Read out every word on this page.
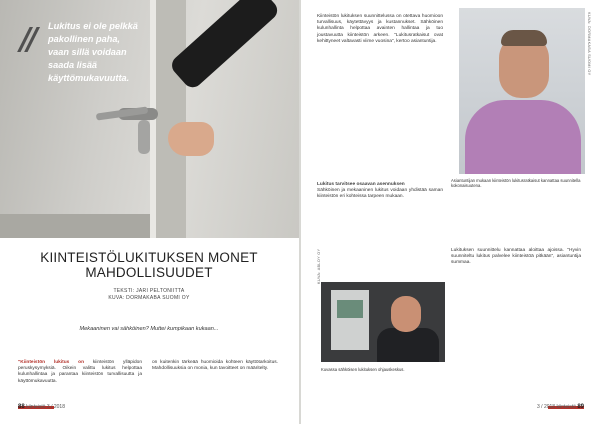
// Lukitus ei ole pelkkä pakollinen paha, vaan sillä voidaan saada lisää käyttömukavuutta.
KIINTEISTÖLUKITUKSEN MONET MAHDOLLISUUDET
TEKSTI: JARI PELTONIITTA
KUVA: DORMAKABA SUOMI OY
Mekaaninen vai sähköinen? Muttei kumpikaan kukaan...
"Kiinteistön lukitus on kiinteistön ylläpidon peruskysymyksiä. Oikein valittu lukitus helpottaa kulunhallintaa ja parantaa kiinteistön turvallisuutta ja käyttömukavuutta.
on kuitenkin tärkeää huomioida kohteen käyttötarkoitus. Mahdollisuuksia on monia, kun tavoitteet on määritelty.
88 kiinteistö 3 / 2018
Kiinteistön lukituksen suunnittelussa on otettava huomioon turvallisuus, käytettävyys ja kustannukset. Sähköinen kulunhallinta helpottaa avainten hallintaa ja tuo joustavuutta kiinteistön arkeen. "Lukitusratkaisut ovat kehittyneet valtavasti viime vuosina", kertoo asiantuntija.	KUVA: DORMAKABA SUOMI OY
Asiantuntijan mukaan kiinteistön lukitusratkaisut kannattaa suunnitella kokonaisuutena.
Lukitus tarvitsee osaavan asennuksen
Sähköinen ja mekaaninen lukitus voidaan yhdistää saman kiinteistön eri kohteissa tarpeen mukaan.
KUVA: ABLOY OY
Kuvassa sähköisen lukituksen ohjauskeskus.
Lukituksen suunnittelu kannattaa aloittaa ajoissa. "Hyvin suunniteltu lukitus palvelee kiinteistöä pitkään", asiantuntija summaa.
3 / 2018 kiinteistö 89
